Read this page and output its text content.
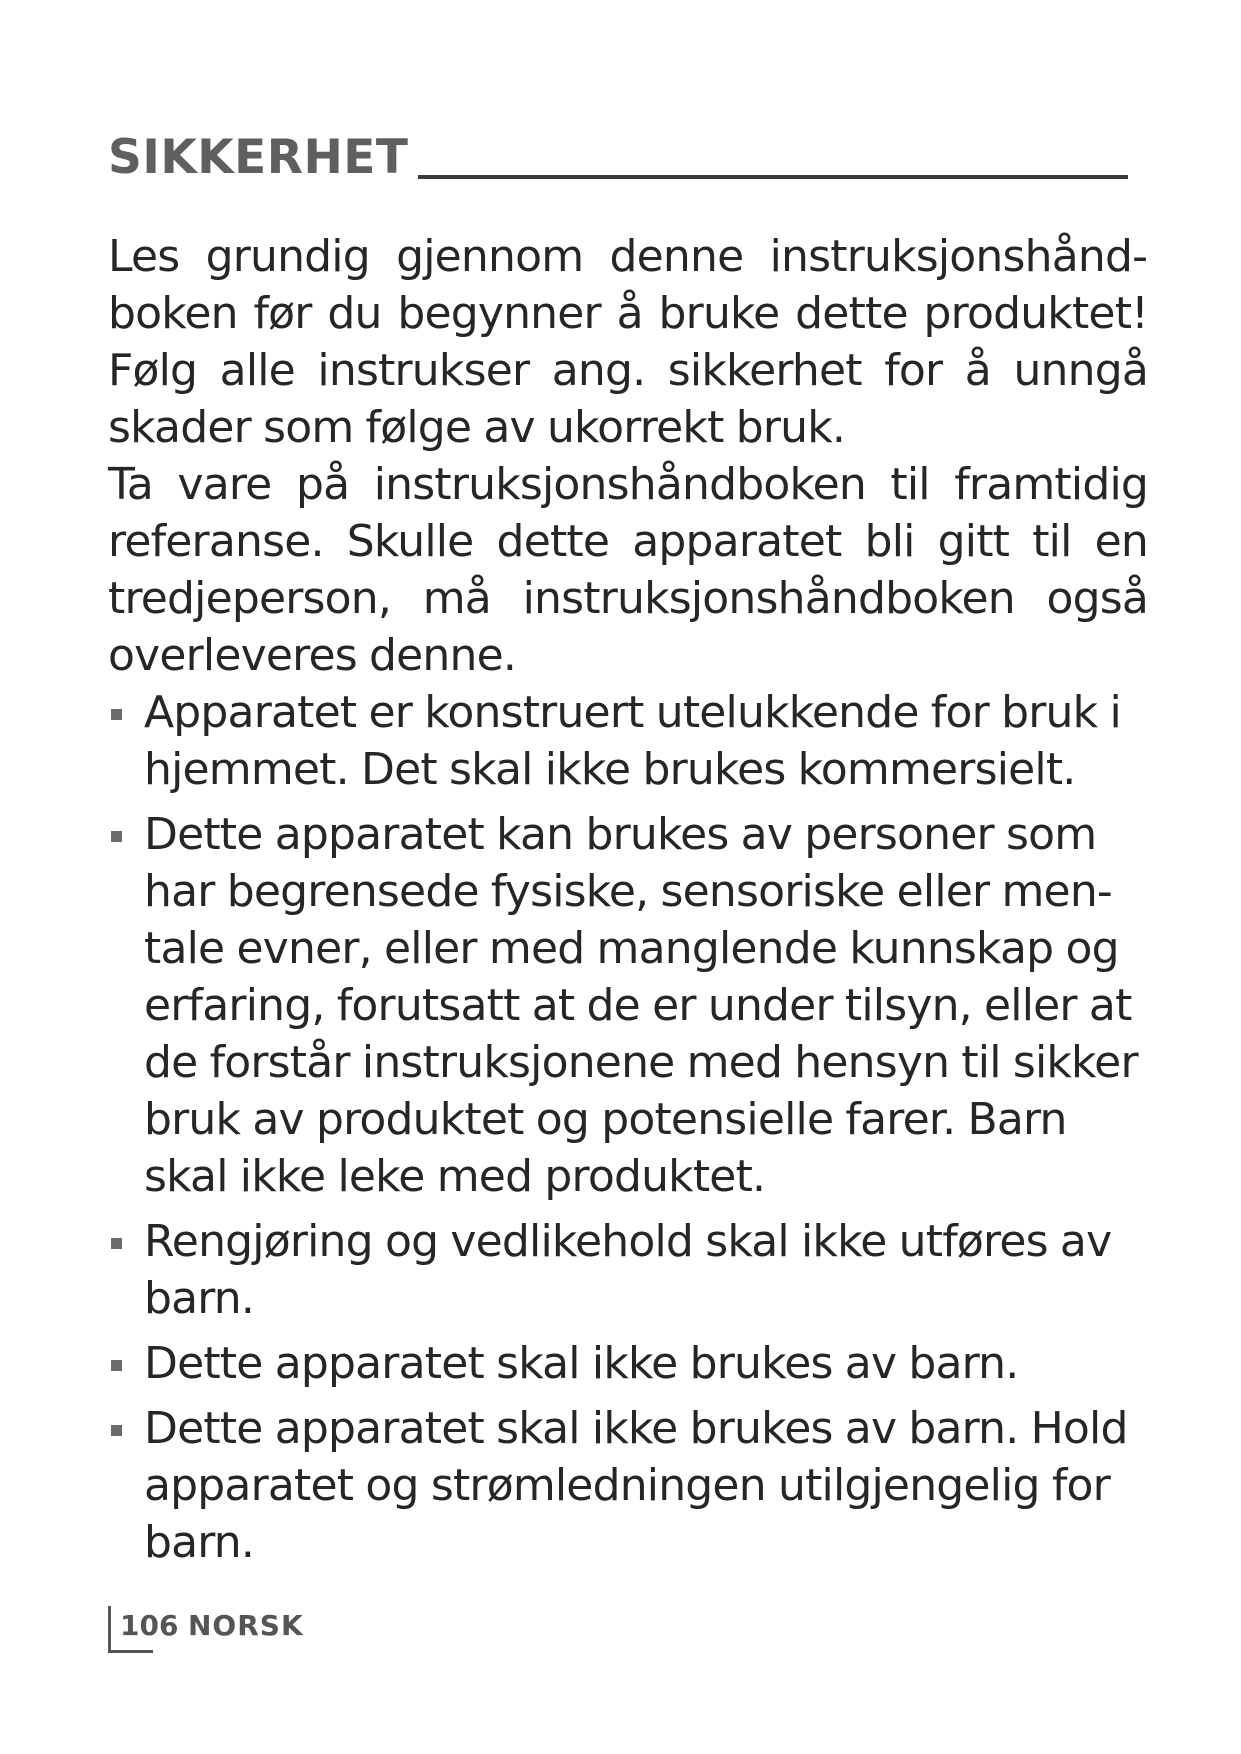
SIKKERHET

Les grundig gjennom denne instruksjonshåndboken før du begynner å bruke dette produktet! Følg alle instrukser ang. sikkerhet for å unngå skader som følge av ukorrekt bruk.

Ta vare på instruksjonshåndboken til framtidig referanse. Skulle dette apparatet bli gitt til en tredjeperson, må instruksjonshåndboken også overleveres denne.

Apparatet er konstruert utelukkende for bruk i hjemmet. Det skal ikke brukes kommersielt.
Dette apparatet kan brukes av personer som har begrensede fysiske, sensoriske eller mentale evner, eller med manglende kunnskap og erfaring, forutsatt at de er under tilsyn, eller at de forstår instruksjonene med hensyn til sikker bruk av produktet og potensielle farer. Barn skal ikke leke med produktet.
Rengjøring og vedlikehold skal ikke utføres av barn.
Dette apparatet skal ikke brukes av barn.
Dette apparatet skal ikke brukes av barn. Hold apparatet og strømledningen utilgjengelig for barn.
106 NORSK
